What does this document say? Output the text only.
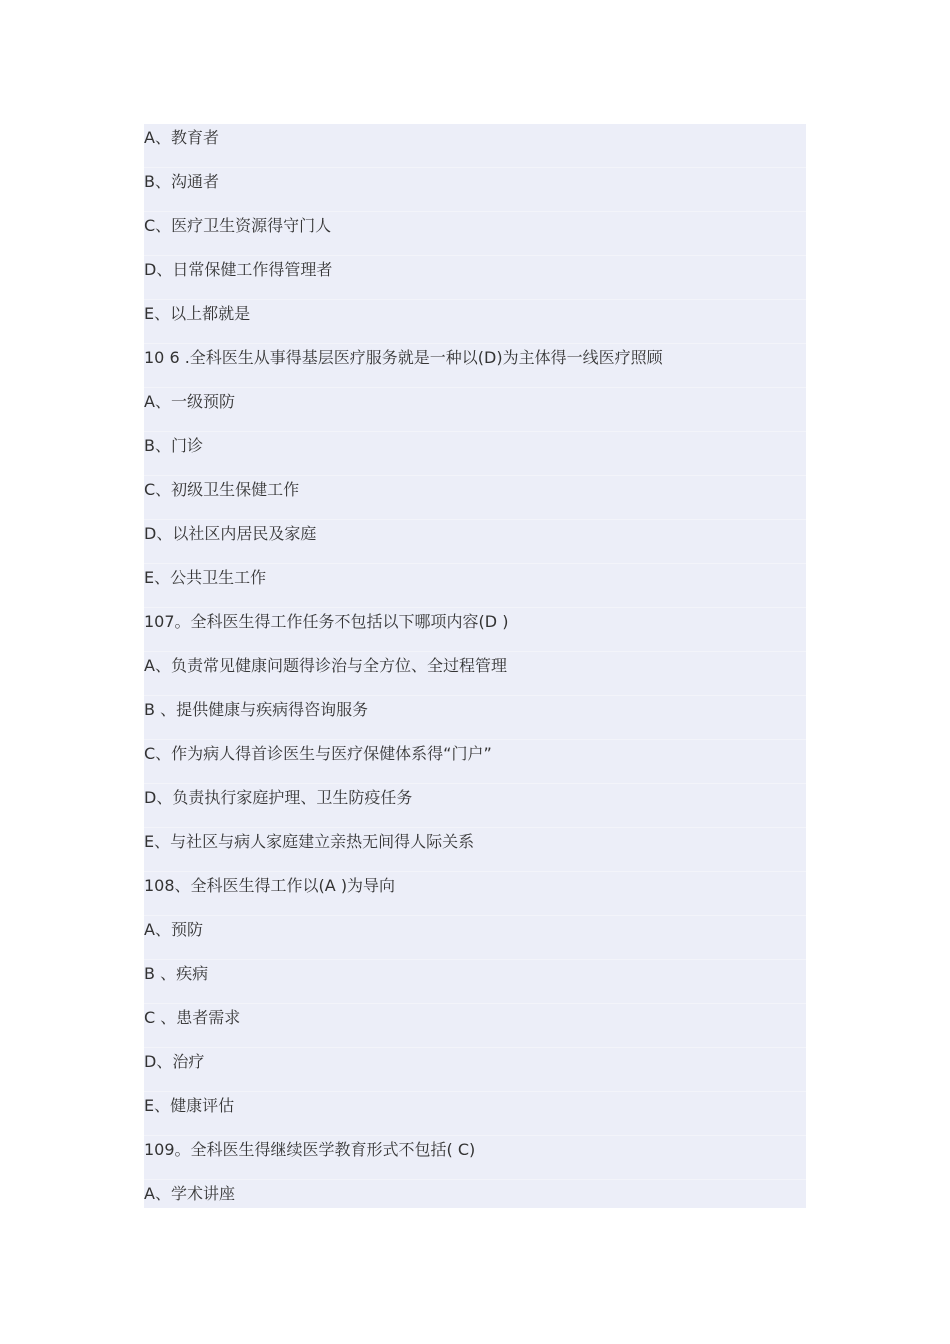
A、教育者
B、沟通者
C、医疗卫生资源得守门人
D、日常保健工作得管理者
E、以上都就是
10 6 .全科医生从事得基层医疗服务就是一种以(D)为主体得一线医疗照顾
A、一级预防
B、门诊
C、初级卫生保健工作
D、以社区内居民及家庭
E、公共卫生工作
107。全科医生得工作任务不包括以下哪项内容(D )
A、负责常见健康问题得诊治与全方位、全过程管理
B 、提供健康与疾病得咨询服务
C、作为病人得首诊医生与医疗保健体系得“门户”
D、负责执行家庭护理、卫生防疫任务
E、与社区与病人家庭建立亲热无间得人际关系
108、全科医生得工作以(A )为导向
A、预防
B 、疾病
C 、患者需求
D、治疗
E、健康评估
109。全科医生得继续医学教育形式不包括( C)
A、学术讲座
